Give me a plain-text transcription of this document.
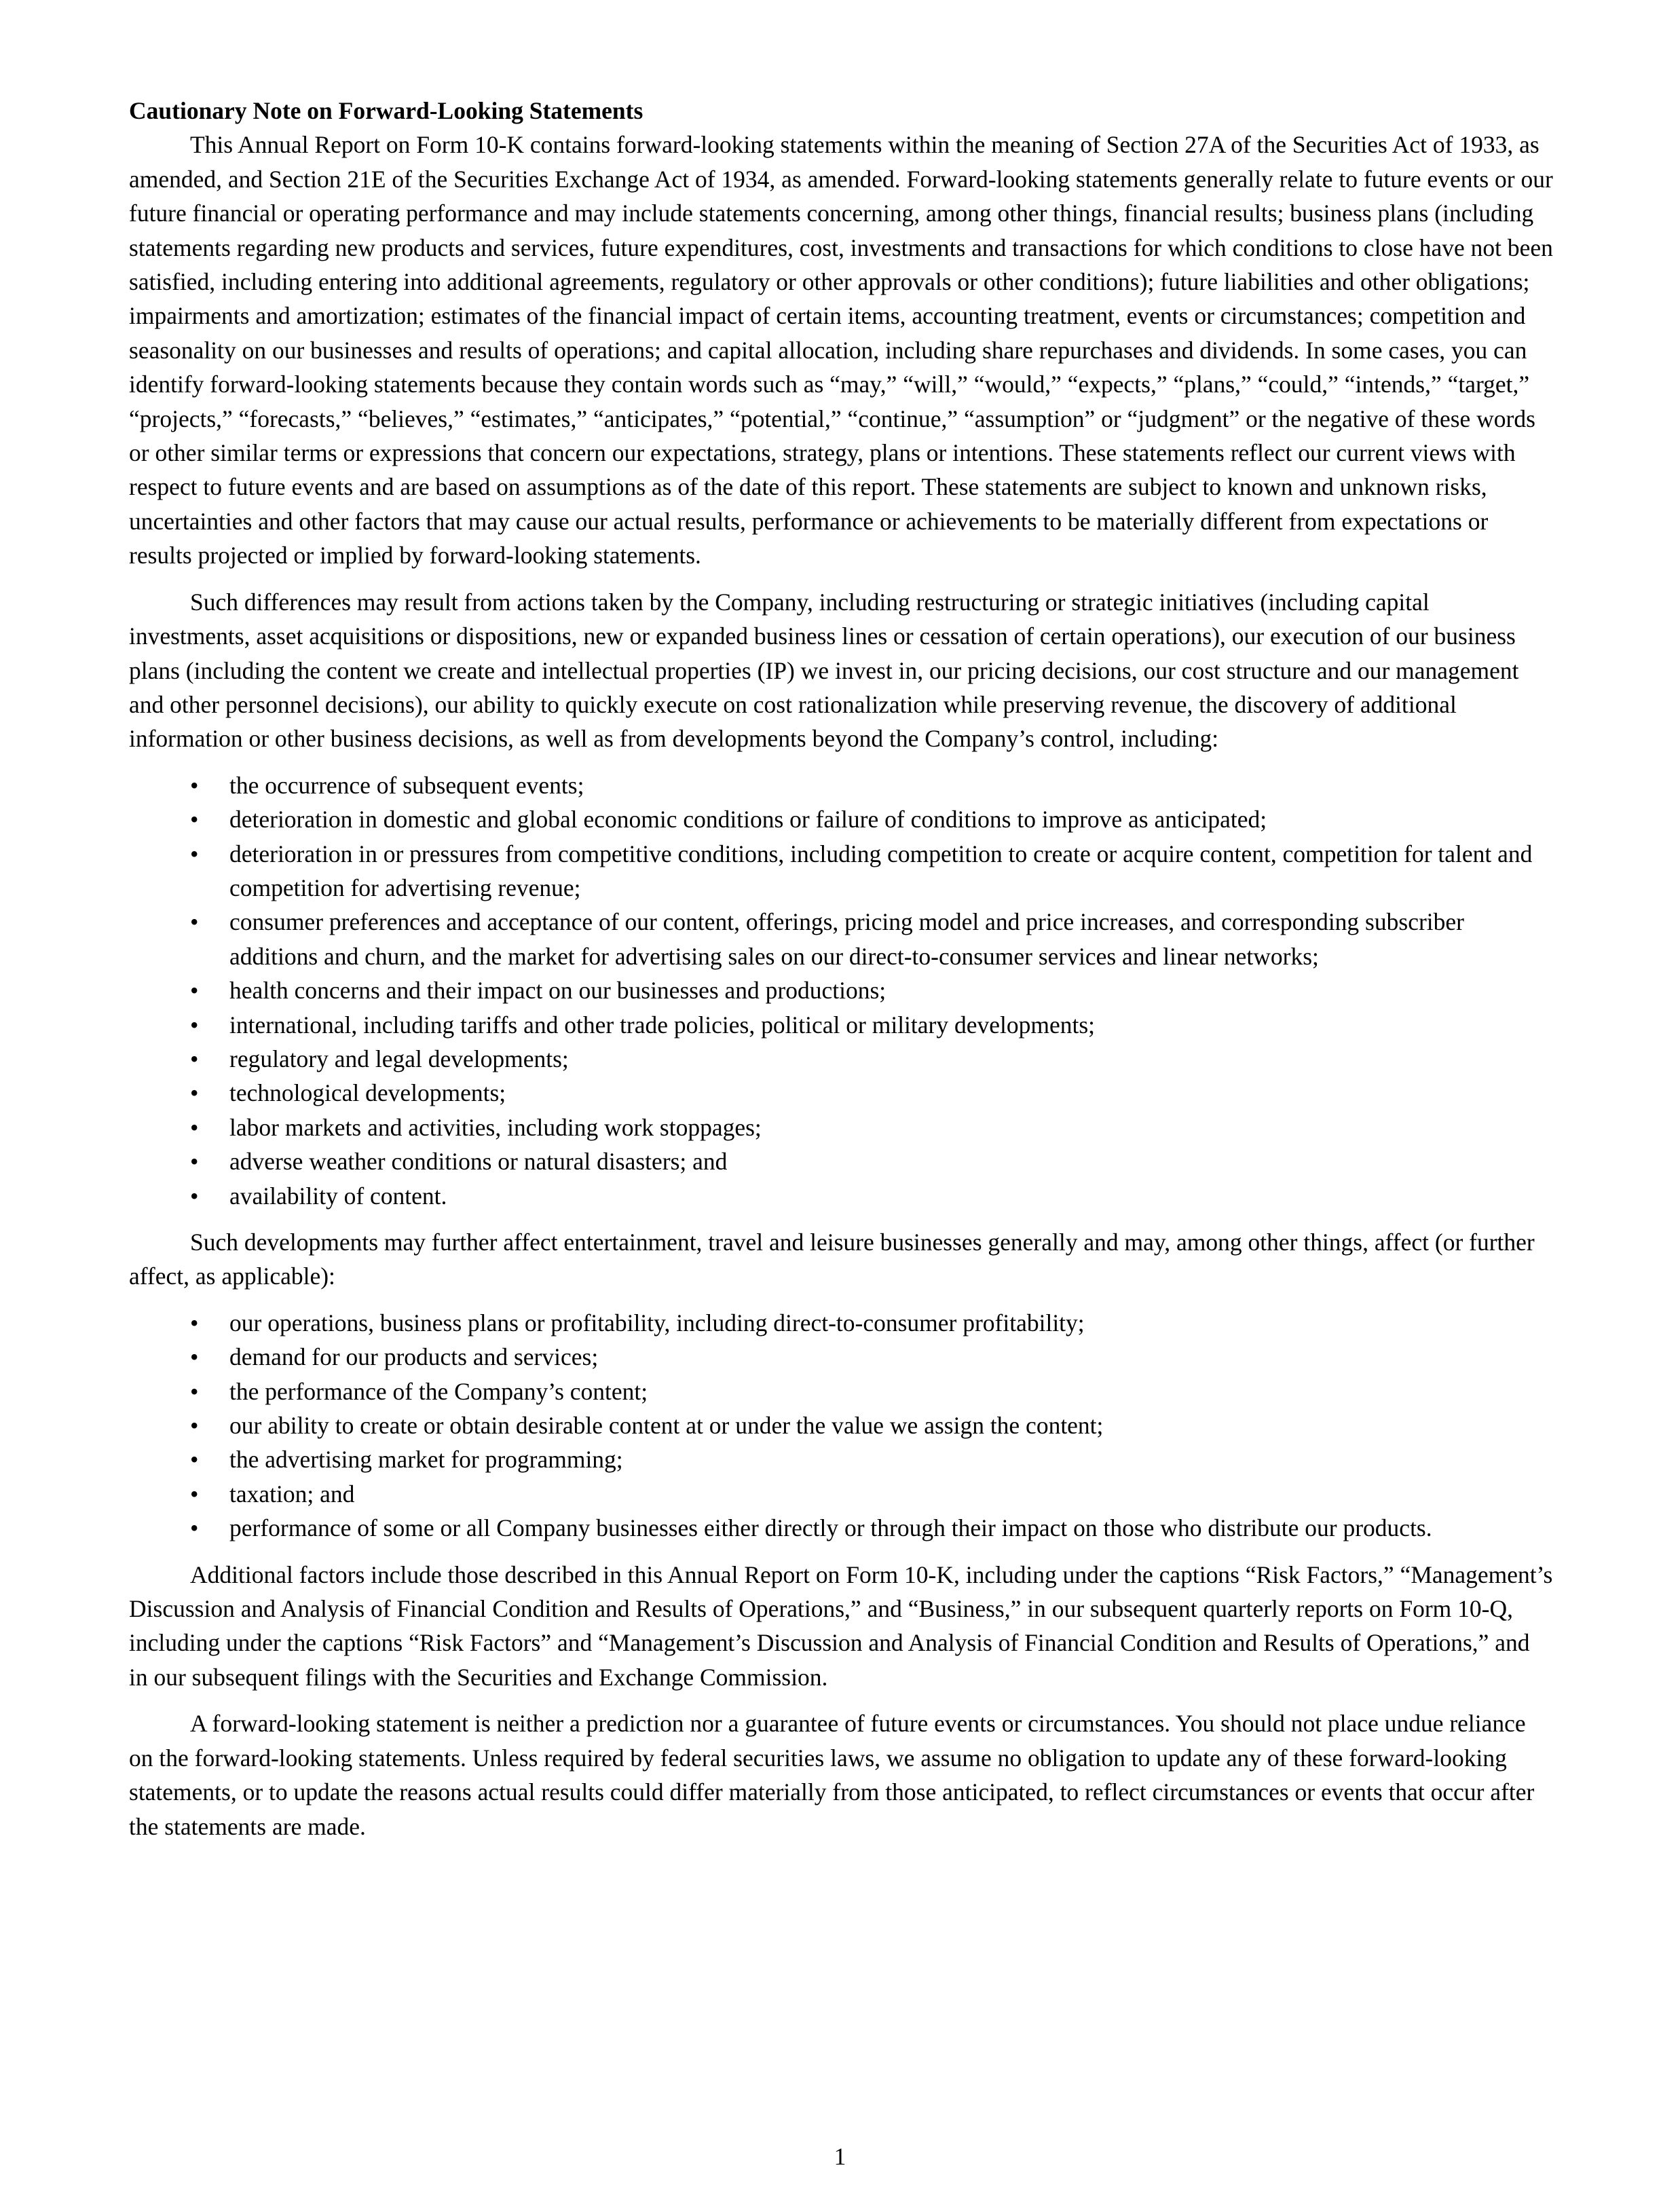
Cautionary Note on Forward-Looking Statements

This Annual Report on Form 10-K contains forward-looking statements within the meaning of Section 27A of the Securities Act of 1933, as amended, and Section 21E of the Securities Exchange Act of 1934, as amended. Forward-looking statements generally relate to future events or our future financial or operating performance and may include statements concerning, among other things, financial results; business plans (including statements regarding new products and services, future expenditures, cost, investments and transactions for which conditions to close have not been satisfied, including entering into additional agreements, regulatory or other approvals or other conditions); future liabilities and other obligations; impairments and amortization; estimates of the financial impact of certain items, accounting treatment, events or circumstances; competition and seasonality on our businesses and results of operations; and capital allocation, including share repurchases and dividends. In some cases, you can identify forward-looking statements because they contain words such as “may,” “will,” “would,” “expects,” “plans,” “could,” “intends,” “target,” “projects,” “forecasts,” “believes,” “estimates,” “anticipates,” “potential,” “continue,” “assumption” or “judgment” or the negative of these words or other similar terms or expressions that concern our expectations, strategy, plans or intentions. These statements reflect our current views with respect to future events and are based on assumptions as of the date of this report. These statements are subject to known and unknown risks, uncertainties and other factors that may cause our actual results, performance or achievements to be materially different from expectations or results projected or implied by forward-looking statements.

Such differences may result from actions taken by the Company, including restructuring or strategic initiatives (including capital investments, asset acquisitions or dispositions, new or expanded business lines or cessation of certain operations), our execution of our business plans (including the content we create and intellectual properties (IP) we invest in, our pricing decisions, our cost structure and our management and other personnel decisions), our ability to quickly execute on cost rationalization while preserving revenue, the discovery of additional information or other business decisions, as well as from developments beyond the Company’s control, including:

• the occurrence of subsequent events;
• deterioration in domestic and global economic conditions or failure of conditions to improve as anticipated;
• deterioration in or pressures from competitive conditions, including competition to create or acquire content, competition for talent and competition for advertising revenue;
• consumer preferences and acceptance of our content, offerings, pricing model and price increases, and corresponding subscriber additions and churn, and the market for advertising sales on our direct-to-consumer services and linear networks;
• health concerns and their impact on our businesses and productions;
• international, including tariffs and other trade policies, political or military developments;
• regulatory and legal developments;
• technological developments;
• labor markets and activities, including work stoppages;
• adverse weather conditions or natural disasters; and
• availability of content.

Such developments may further affect entertainment, travel and leisure businesses generally and may, among other things, affect (or further affect, as applicable):

• our operations, business plans or profitability, including direct-to-consumer profitability;
• demand for our products and services;
• the performance of the Company’s content;
• our ability to create or obtain desirable content at or under the value we assign the content;
• the advertising market for programming;
• taxation; and
• performance of some or all Company businesses either directly or through their impact on those who distribute our products.

Additional factors include those described in this Annual Report on Form 10-K, including under the captions “Risk Factors,” “Management’s Discussion and Analysis of Financial Condition and Results of Operations,” and “Business,” in our subsequent quarterly reports on Form 10-Q, including under the captions “Risk Factors” and “Management’s Discussion and Analysis of Financial Condition and Results of Operations,” and in our subsequent filings with the Securities and Exchange Commission.

A forward-looking statement is neither a prediction nor a guarantee of future events or circumstances. You should not place undue reliance on the forward-looking statements. Unless required by federal securities laws, we assume no obligation to update any of these forward-looking statements, or to update the reasons actual results could differ materially from those anticipated, to reflect circumstances or events that occur after the statements are made.

1
